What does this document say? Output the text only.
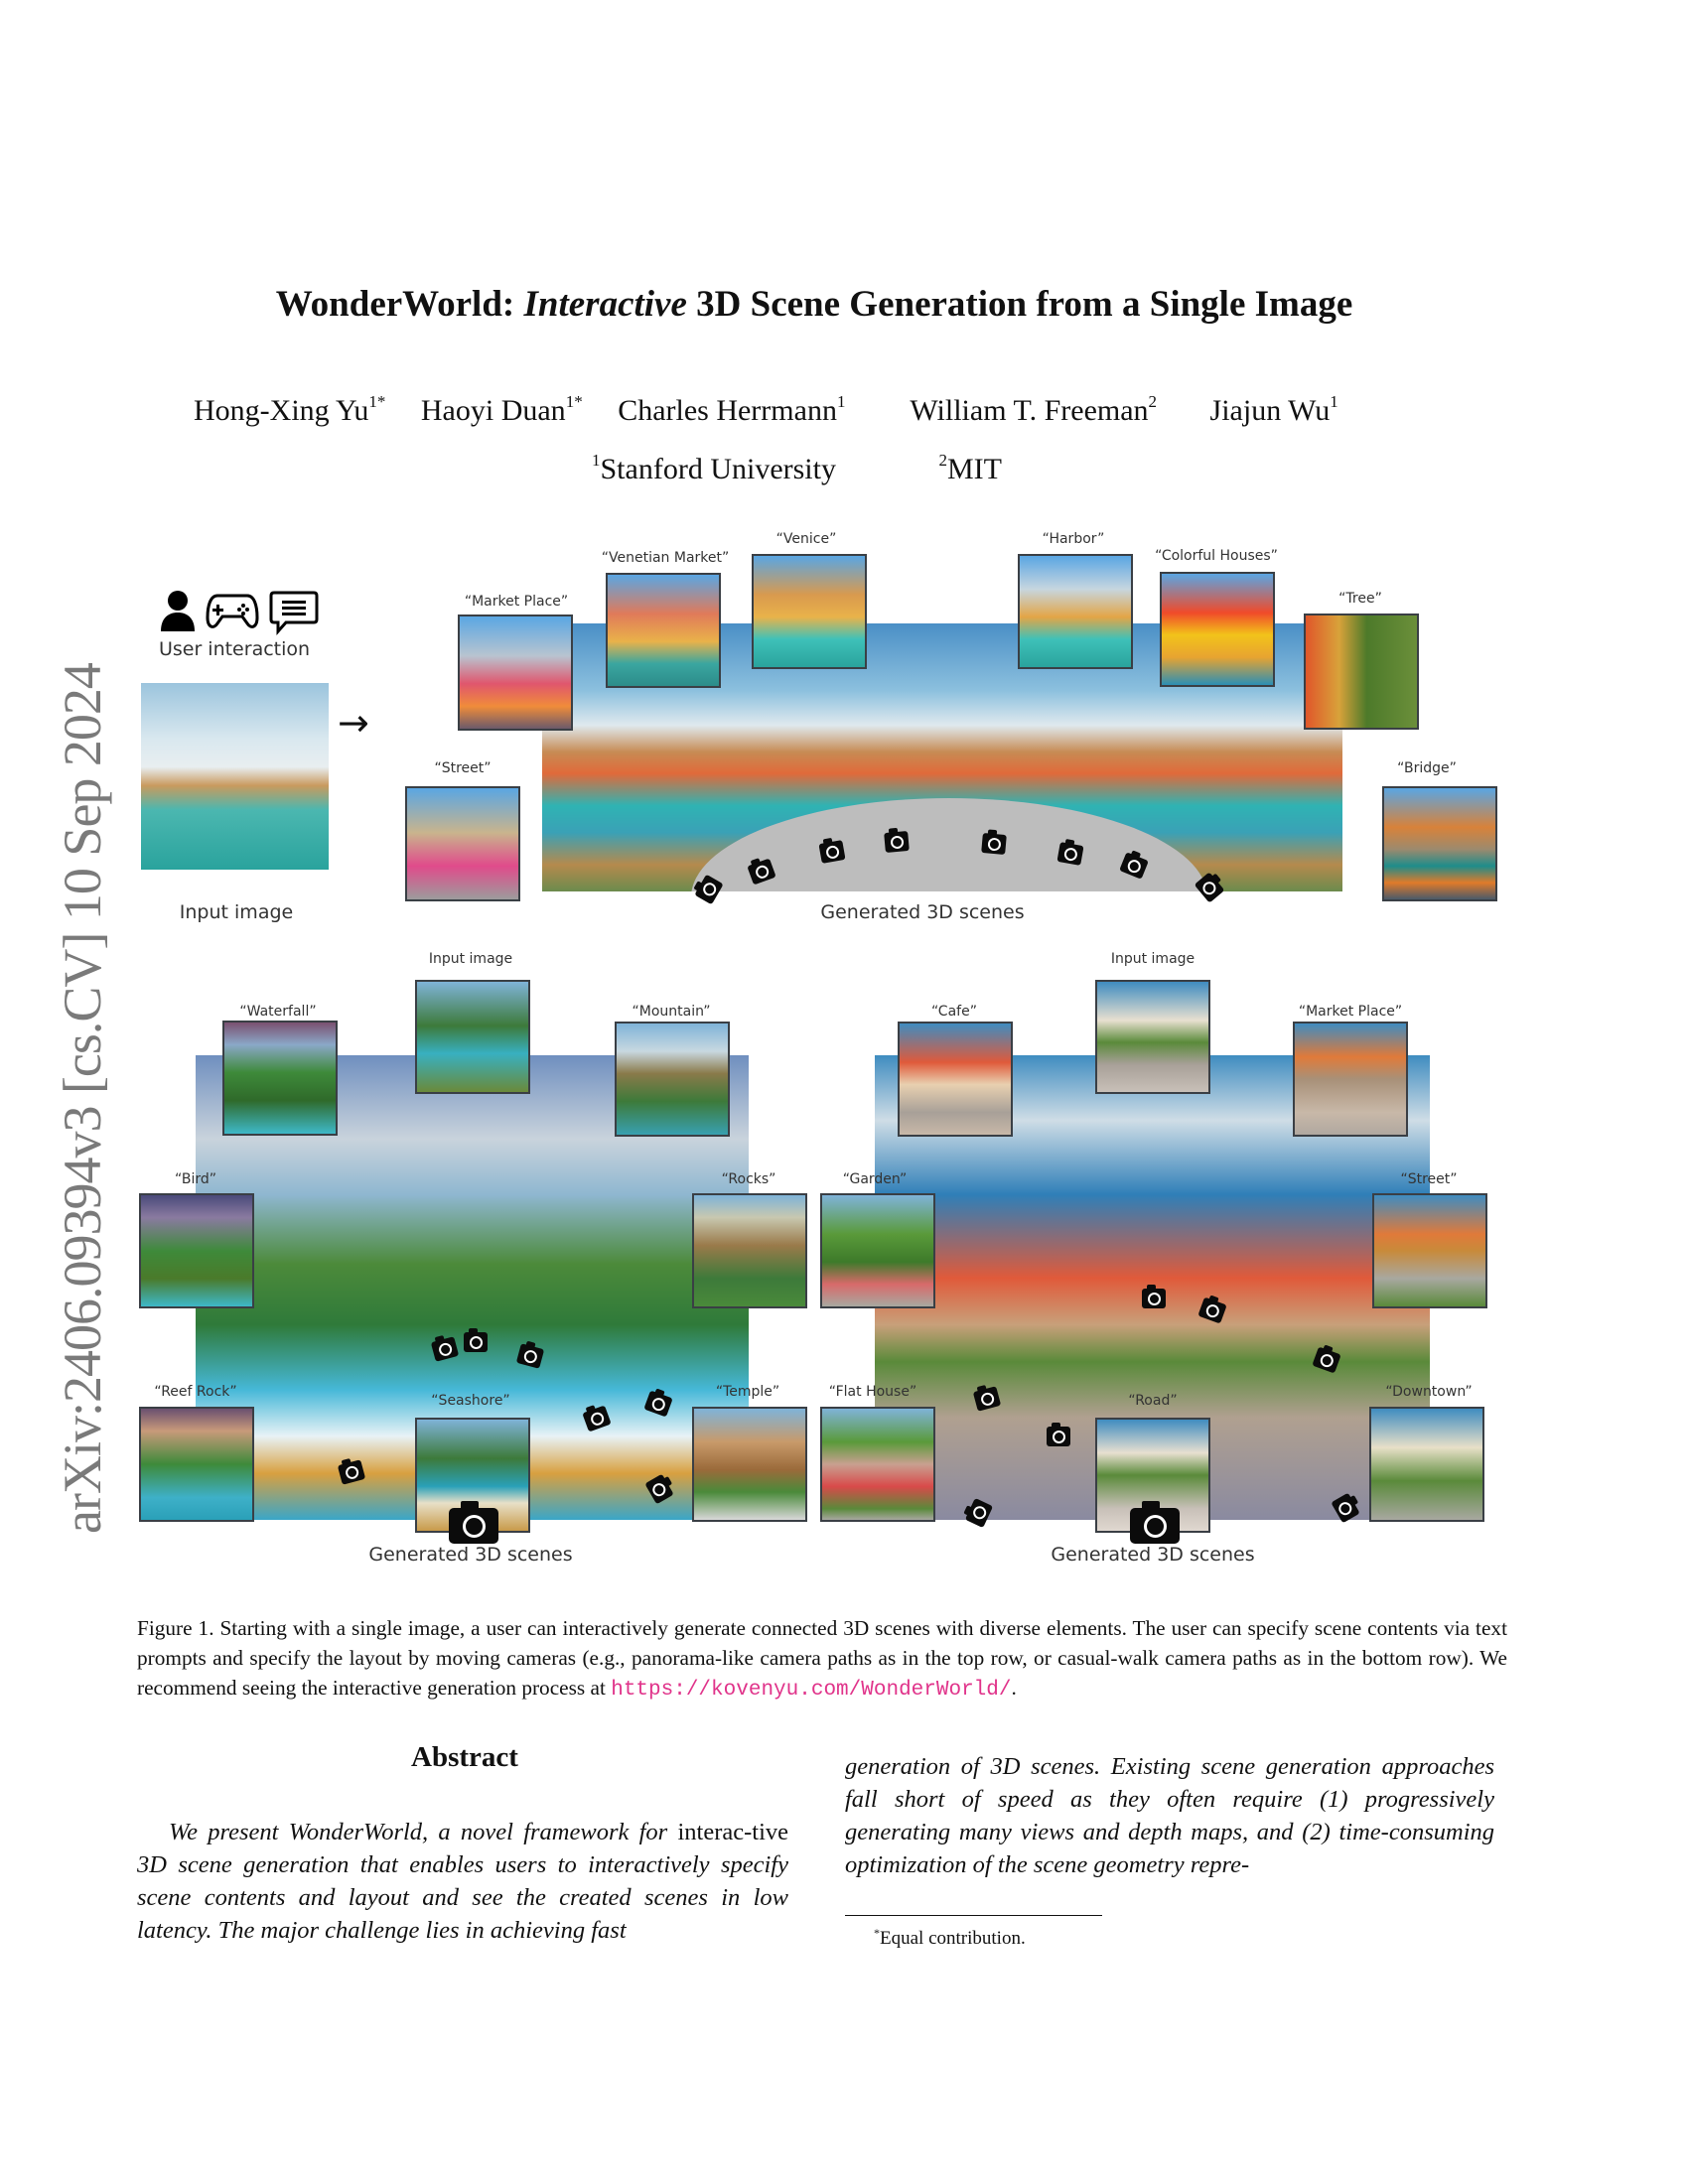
arXiv:2406.09394v3 [cs.CV] 10 Sep 2024
WonderWorld: Interactive 3D Scene Generation from a Single Image
Hong-Xing $Yu^{1*}$ Haoyi Duan$^{1*}$ Charles Herrmann$^1$ William T. Freeman$^2$ Jiajun Wu$^1$
$^1$Stanford University	$^2$MIT
User interaction
→
Input image
“Street”
“Market Place”
“Venetian Market”
“Venice”	“Harbor”
“Colorful Houses”
“Tree”
“Bridge”
Generated 3D scenes
Input image
“Waterfall”	“Mountain”
“Bird”	“Rocks”
“Reef Rock”
“Seashore”
“Temple”
Generated 3D scenes
Input image
“Cafe”	“Market Place”
“Garden”	“Street”
“Flat House”
“Road”
“Downtown”
Generated 3D scenes
Figure 1. Starting with a single image, a user can interactively generate connected 3D scenes with diverse elements. The user can specify scene contents via text prompts and specify the layout by moving cameras (e.g., panorama-like camera paths as in the top row, or casual-walk camera paths as in the bottom row). We recommend seeing the interactive generation process at https://kovenyu.com/WonderWorld/.
Abstract

We present WonderWorld, a novel framework for interac-tive 3D scene generation that enables users to interactively specify scene contents and layout and see the created scenes in low latency. The major challenge lies in achieving fast

generation of 3D scenes. Existing scene generation approaches fall short of speed as they often require (1) progressively generating many views and depth maps, and (2) time-consuming optimization of the scene geometry repre-

*Equal contribution.
